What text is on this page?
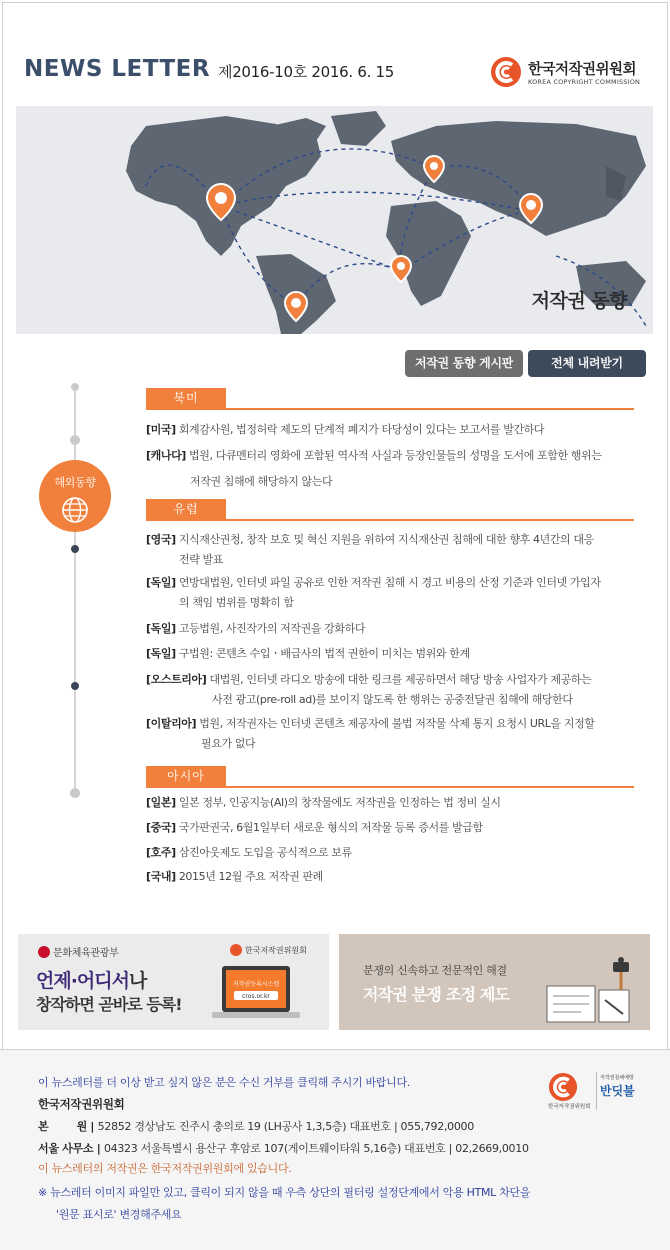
NEWS LETTER 제2016-10호 2016. 6. 15	한국저작권위원회
KOREA COPYRIGHT COMMISSION
저작권 동향
저작권 동향 게시판	전체 내려받기
해외동향
북미
[미국] 회계감사원, 법정허락 제도의 단계적 폐지가 타당성이 있다는 보고서를 발간하다
[캐나다] 법원, 다큐멘터리 영화에 포함된 역사적 사실과 등장인물들의 성명을 도서에 포함한 행위는
저작권 침해에 해당하지 않는다
유럽
[영국] 지식재산권청, 창작 보호 및 혁신 지원을 위하여 지식재산권 침해에 대한 향후 4년간의 대응
전략 발표
[독일] 연방대법원, 인터넷 파일 공유로 인한 저작권 침해 시 경고 비용의 산정 기준과 인터넷 가입자
의 책임 범위를 명확히 함
[독일] 고등법원, 사진작가의 저작권을 강화하다
[독일] 구법원: 콘텐츠 수입ㆍ배급사의 법적 권한이 미치는 범위와 한계
[오스트리아] 대법원, 인터넷 라디오 방송에 대한 링크를 제공하면서 해당 방송 사업자가 제공하는
사전 광고(pre-roll ad)를 보이지 않도록 한 행위는 공중전달권 침해에 해당한다
[이탈리아] 법원, 저작권자는 인터넷 콘텐츠 제공자에 불법 저작물 삭제 통지 요청시 URL을 지정할
필요가 없다
아시아
[일본] 일본 정부, 인공지능(AI)의 창작물에도 저작권을 인정하는 법 정비 실시
[중국] 국가판권국, 6월1일부터 새로운 형식의 저작물 등록 증서를 발급함
[호주] 삼진아웃제도 도입을 공식적으로 보류
[국내] 2015년 12월 주요 저작권 판례
문화체육관광부	한국저작권위원회
언제·어디서나
창작하면 곧바로 등록!
저작권등록시스템
cros.or.kr
분쟁의 신속하고 전문적인 해결
저작권 분쟁 조정 제도
이 뉴스레터를 더 이상 받고 싶지 않은 분은 수신 거부를 클릭해 주시기 바랍니다.
한국저작권위원회
본        원 | 52852 경상남도 진주시 충의로 19 (LH공사 1,3,5층) 대표번호 | 055,792,0000
서울 사무소 | 04323 서울특별시 용산구 후암로 107(게이트웨이타워 5,16층) 대표번호 | 02,2669,0010
이 뉴스레터의 저작권은 한국저작권위원회에 있습니다.
※ 뉴스레터 이미지 파일만 있고, 클릭이 되지 않을 때 우측 상단의 필터링 설정단계에서 악용 HTML 차단을
'원문 표시로' 변경해주세요
한국저작권위원회
저작권침해예방
반딧불
